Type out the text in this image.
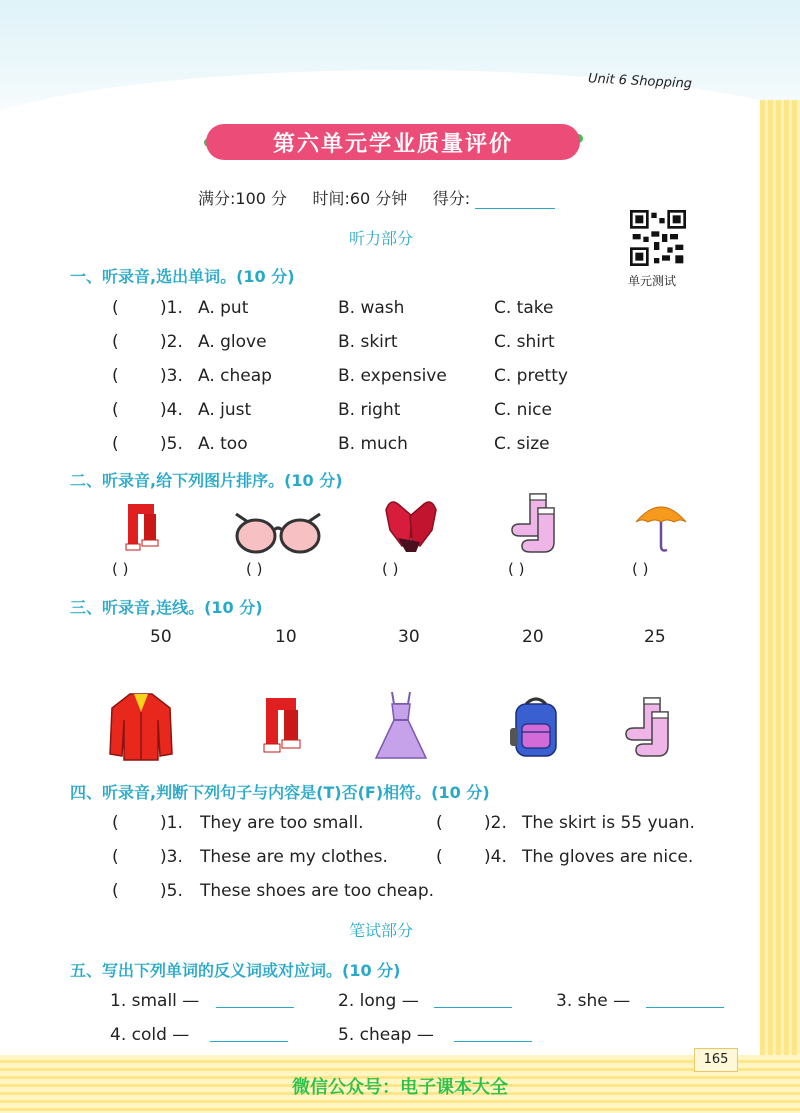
Unit 6 Shopping
第六单元学业质量评价
满分:100 分 时间:60 分钟 得分:
单元测试
听力部分
一、听录音,选出单词。(10 分)
( )1. A. put	B. wash	C. take
( )2. A. glove	B. skirt	C. shirt
( )3. A. cheap	B. expensive	C. pretty
( )4. A. just	B. right	C. nice
( )5. A. too	B. much	C. size
二、听录音,给下列图片排序。(10 分)
( )	( )	( )	( )	( )
三、听录音,连线。(10 分)
50	10	30	20	25
四、听录音,判断下列句子与内容是(T)否(F)相符。(10 分)
( )1. They are too small.	( )2. The skirt is 55 yuan.
( )3. These are my clothes.	( )4. The gloves are nice.
( )5. These shoes are too cheap.
笔试部分
五、写出下列单词的反义词或对应词。(10 分)
1. small —	2. long —	3. she —
4. cold —	5. cheap —
165
微信公众号：电子课本大全
